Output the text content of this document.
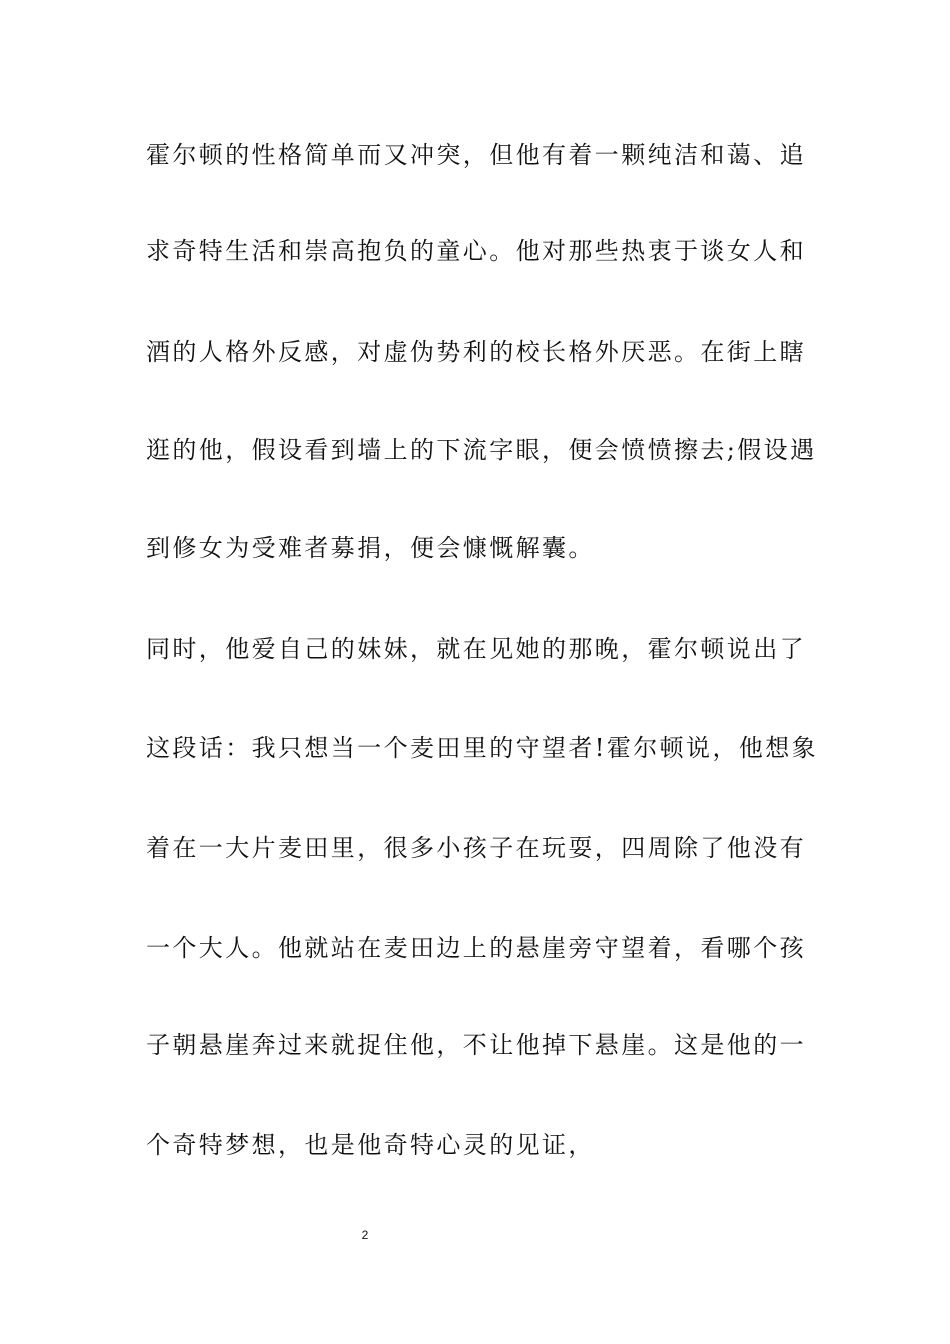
霍尔顿的性格简单而又冲突，但他有着一颗纯洁和蔼、追
求奇特生活和崇高抱负的童心。他对那些热衷于谈女人和
酒的人格外反感，对虚伪势利的校长格外厌恶。在街上瞎
逛的他，假设看到墙上的下流字眼，便会愤愤擦去;假设遇
到修女为受难者募捐，便会慷慨解囊。
同时，他爱自己的妹妹，就在见她的那晚，霍尔顿说出了
这段话：我只想当一个麦田里的守望者!霍尔顿说，他想象
着在一大片麦田里，很多小孩子在玩耍，四周除了他没有
一个大人。他就站在麦田边上的悬崖旁守望着，看哪个孩
子朝悬崖奔过来就捉住他，不让他掉下悬崖。这是他的一
个奇特梦想，也是他奇特心灵的见证，
2
